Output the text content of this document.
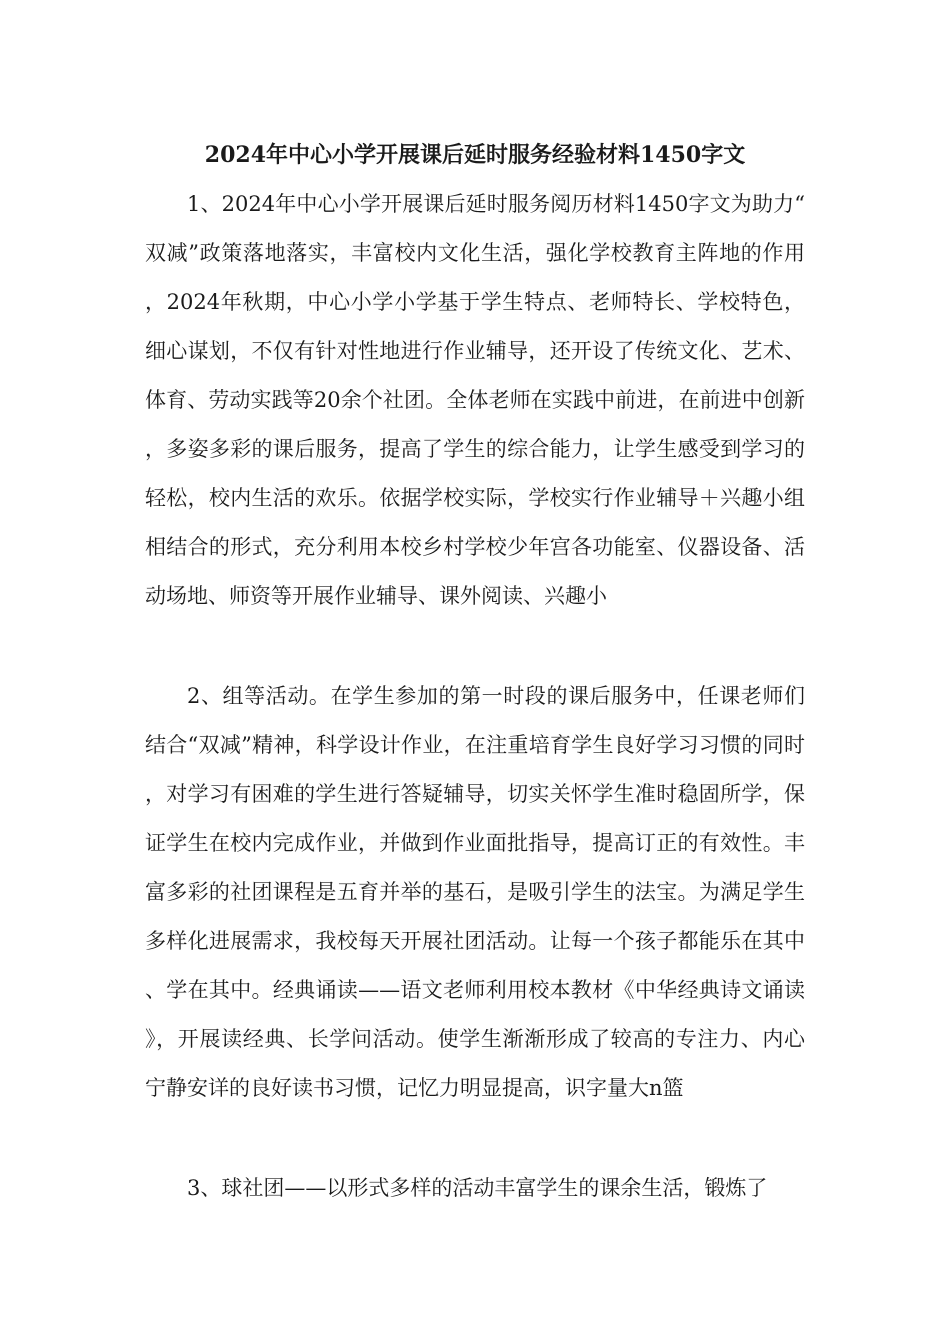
2024年中心小学开展课后延时服务经验材料1450字文

1、2024年中心小学开展课后延时服务阅历材料1450字文为助力“双减”政策落地落实，丰富校内文化生活，强化学校教育主阵地的作用，2024年秋期，中心小学小学基于学生特点、老师特长、学校特色，细心谋划，不仅有针对性地进行作业辅导，还开设了传统文化、艺术、体育、劳动实践等20余个社团。全体老师在实践中前进，在前进中创新，多姿多彩的课后服务，提高了学生的综合能力，让学生感受到学习的轻松，校内生活的欢乐。依据学校实际，学校实行作业辅导＋兴趣小组相结合的形式，充分利用本校乡村学校少年宫各功能室、仪器设备、活动场地、师资等开展作业辅导、课外阅读、兴趣小

2、组等活动。在学生参加的第一时段的课后服务中，任课老师们结合“双减”精神，科学设计作业，在注重培育学生良好学习习惯的同时，对学习有困难的学生进行答疑辅导，切实关怀学生准时稳固所学，保证学生在校内完成作业，并做到作业面批指导，提高订正的有效性。丰富多彩的社团课程是五育并举的基石，是吸引学生的法宝。为满足学生多样化进展需求，我校每天开展社团活动。让每一个孩子都能乐在其中、学在其中。经典诵读——语文老师利用校本教材《中华经典诗文诵读》，开展读经典、长学问活动。使学生渐渐形成了较高的专注力、内心宁静安详的良好读书习惯，记忆力明显提高，识字量大n篮

3、球社团——以形式多样的活动丰富学生的课余生活，锻炼了
